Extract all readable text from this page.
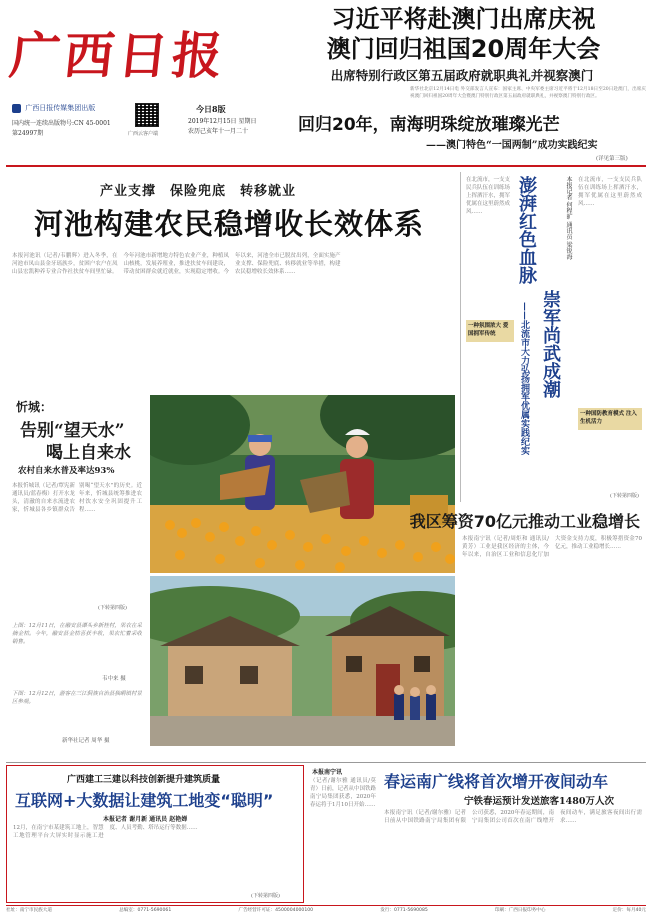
广西日报
广西日报传媒集团出版
国内统一连续出版物号:CN 45-0001
第24997期	广西云客户端
今日8版
2019年12月15日 星期日
农历己亥年十一月二十
习近平将赴澳门出席庆祝
澳门回归祖国20周年大会
出席特别行政区第五届政府就职典礼并视察澳门
新华社北京12月14日电 外交部发言人宣布：国家主席、中央军委主席习近平将于12月18日至20日赴澳门，出席庆祝澳门回归祖国20周年大会暨澳门特别行政区第五届政府就职典礼，并视察澳门特别行政区。
回归20年，南海明珠绽放璀璨光芒
——澳门特色“一国两制”成功实践纪实
(详见第三版)
产业支撑　保险兜底　转移就业
河池构建农民稳增收长效体系
本报河池讯（记者/韦鹏辉）进入冬季，在河池市凤山县金牙瑶族乡，贫困户农户在凤山县宏凯种养专业合作社扶贫车间里忙碌。今年河池市新增地方特色农业产业，种植凤山核桃，发展养殖业，推进扶贫车间建设，带动贫困群众就近就业，实现稳定增收。今年以来，河池全市已脱贫出列，全面实施产业支撑、保险兜底、转移就业等举措，构建农民稳增收长效体系……
忻城：
告别“望天水”
喝上自来水
农村自来水普及率达93%
本报忻城讯（记者/覃宪新 通讯员/蓝春梅）打开水龙头，清澈的自来水流进农家，忻城县各乡镇群众告别喝“望天水”的历史。近年来，忻城县统筹推进农村饮水安全巩固提升工程……
(下转第四版)
上图：12月11日，在融安县潭头乡新桂村，果农在采摘金桔。今年，融安县金桔喜获丰收，果农忙着采收销售。
韦中来 摄
下图：12月12日，游客在三江侗族自治县独峒镇村景区参观。
新华社记者 周华 摄
在北流市，一支支民兵队伍在训练场上挥洒汗水，拥军优属在这里蔚然成风……	澎湃红色血脉
崇军尚武成潮
——北流市大力弘扬拥军优属实践纪实
本报记者 何程旷 通讯员 梁锐海 在北流市，一支支民兵队伍在训练场上挥洒汗水，拥军优属在这里蔚然成风……
一种氛围浓大 爱国拥军传统
一种国防教育模式 注入生机活力
(下转第四版)
我区筹资70亿元推动工业稳增长
本报南宁讯（记者/周炬和 通讯员/黄芳）工业是我区经济的主体，今年以来，自治区工业和信息化厅加大资金支持力度，积极筹措资金70亿元，推动工业稳增长……
广西建工三建以科技创新提升建筑质量
互联网+大数据让建筑工地变“聪明”
本报记者 谢月新 通讯员 赵艳婵
12月，在南宁市某建筑工地上，智慧工地管理平台大屏实时显示施工进度、人员考勤、塔吊运行等数据……
(下转第四版)
本报南宁讯
（记者/谢尔雅 通讯员/莫青）日前，记者从中国铁路南宁局集团获悉，2020年春运将于1月10日开始……
春运南广线将首次增开夜间动车
宁铁春运预计发送旅客1480万人次
本报南宁讯（记者/谢尔雅）记者日前从中国铁路南宁局集团有限公司获悉，2020年春运期间，南宁局集团公司首次在南广线增开夜间动车，满足旅客夜间出行需求……
社址：南宁市民族大道	总编室：0771-5690061	广告经营许可证：4500004000100	发行：0771-5690085	印刷：广西日报印务中心	定价：每月40元
